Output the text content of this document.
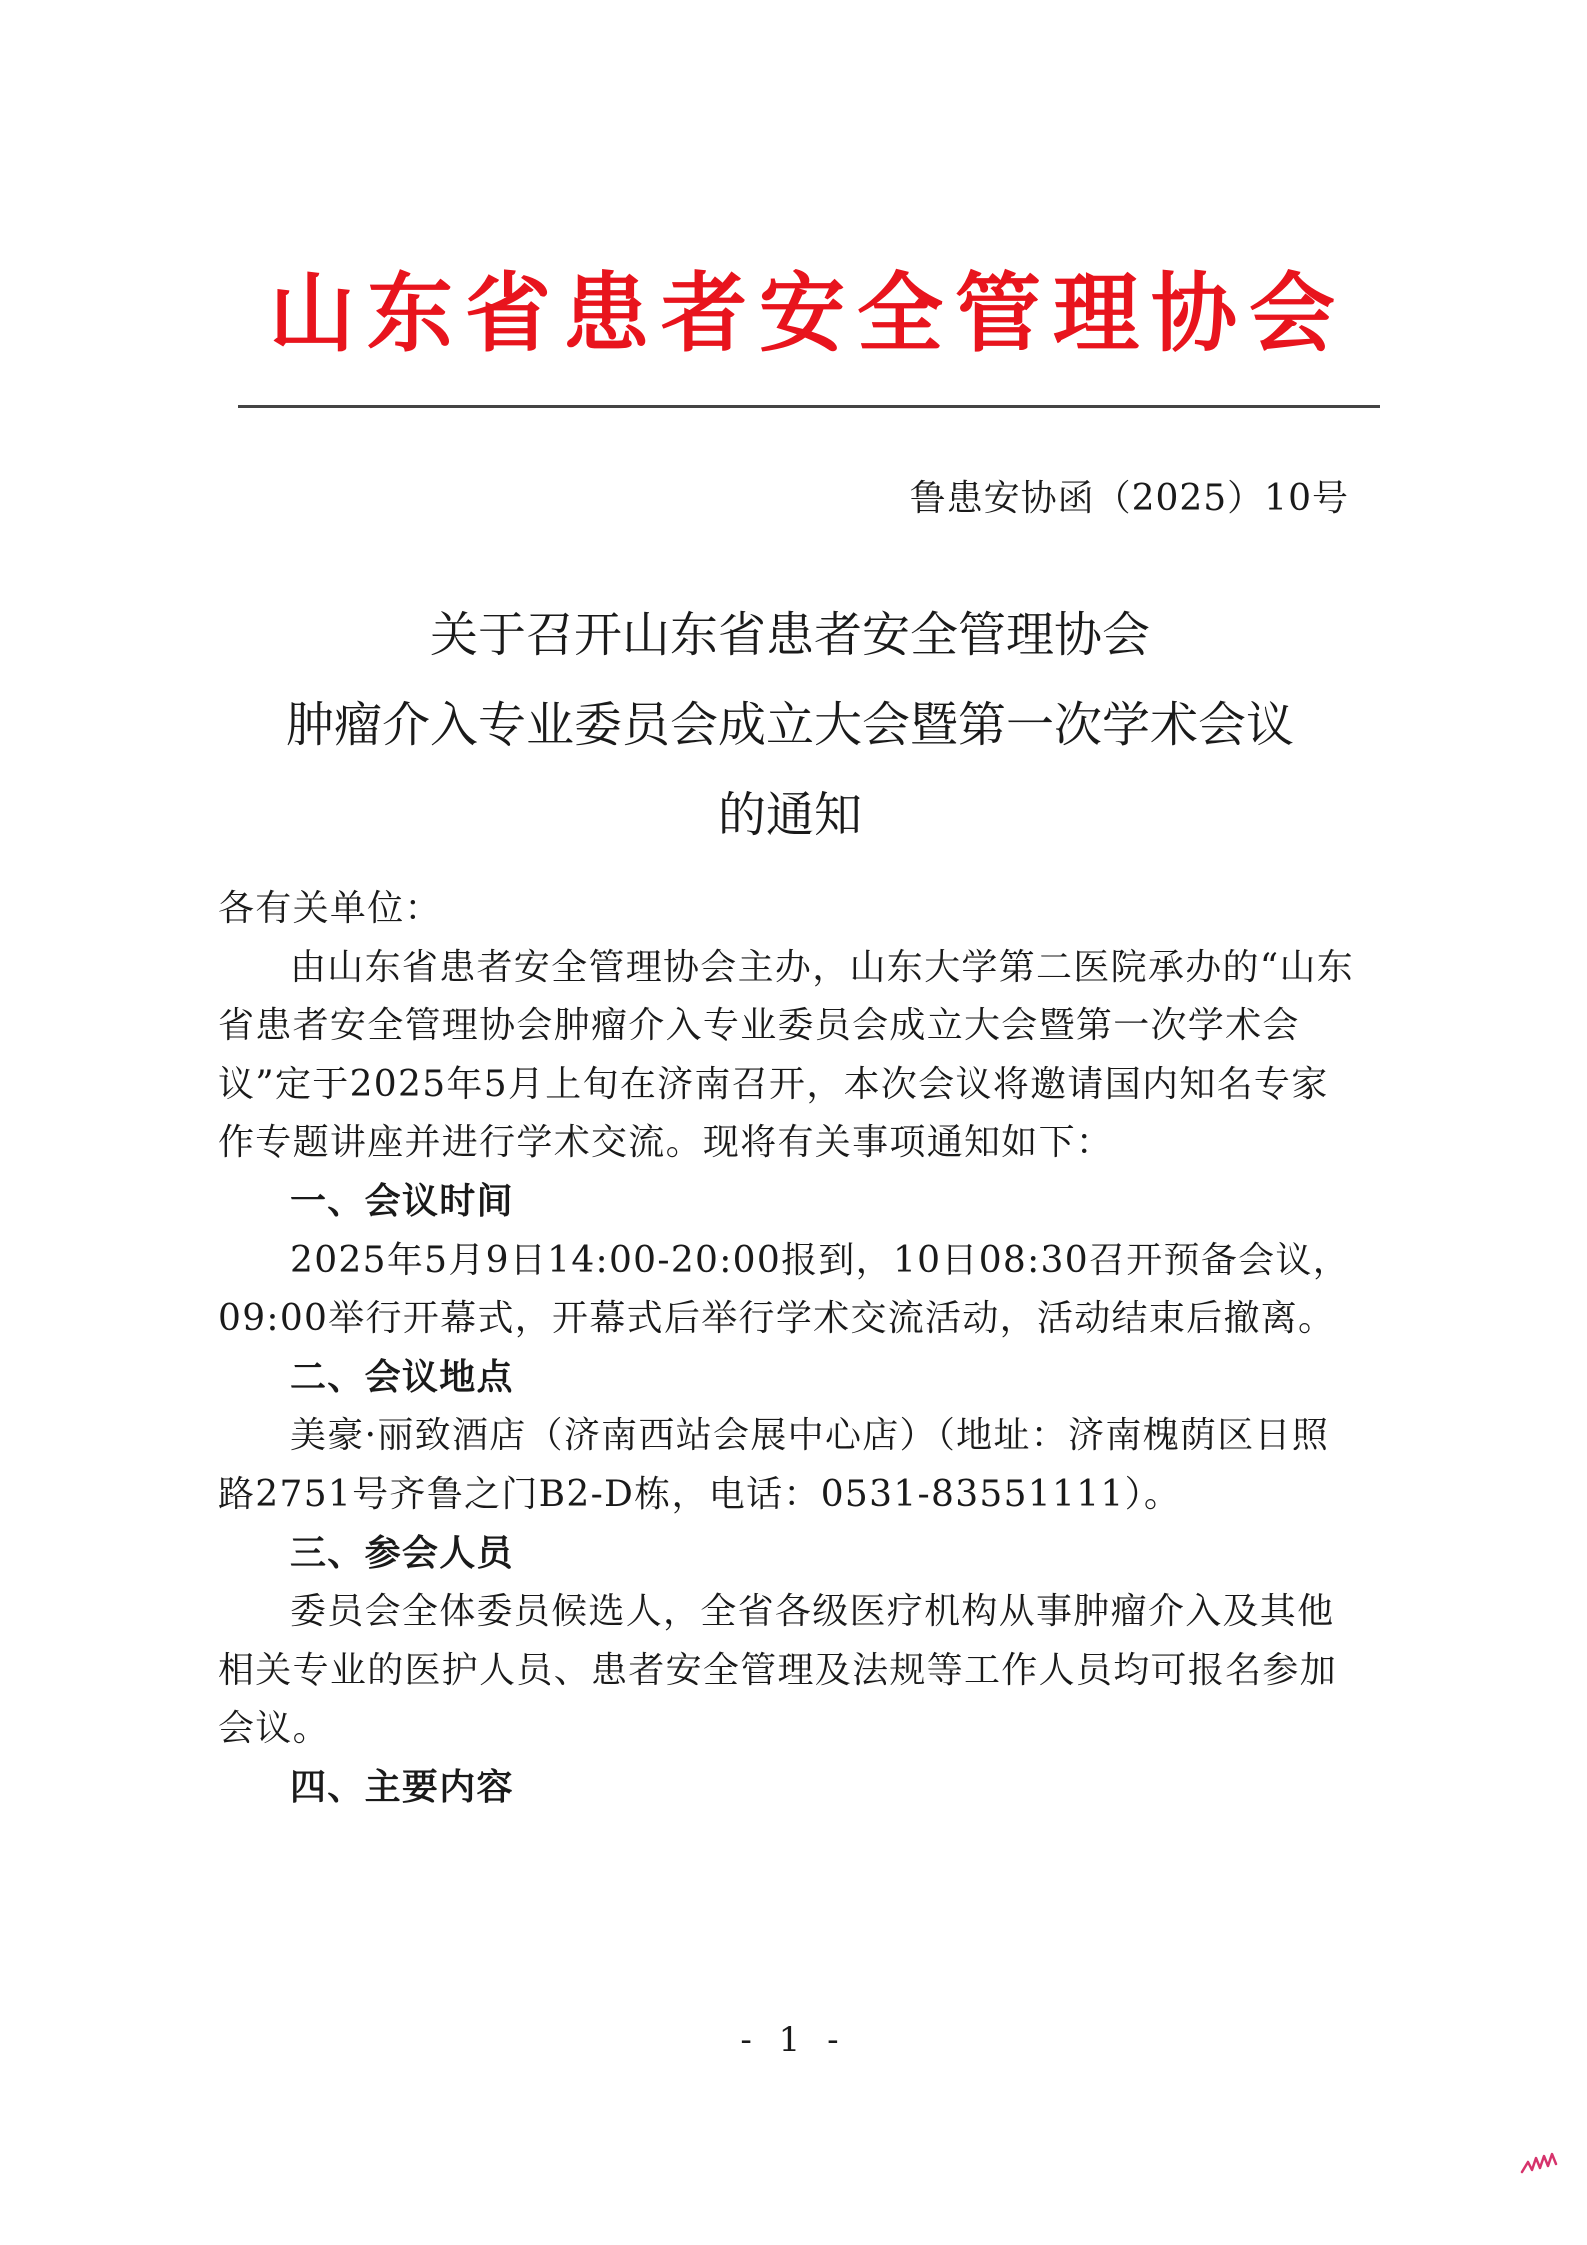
山东省患者安全管理协会
鲁患安协函（2025）10号
关于召开山东省患者安全管理协会
肿瘤介入专业委员会成立大会暨第一次学术会议
的通知

各有关单位：

由山东省患者安全管理协会主办，山东大学第二医院承办的“山东省患者安全管理协会肿瘤介入专业委员会成立大会暨第一次学术会议”定于2025年5月上旬在济南召开，本次会议将邀请国内知名专家作专题讲座并进行学术交流。现将有关事项通知如下：

一、会议时间

2025年5月9日14:00-20:00报到，10日08:30召开预备会议，09:00举行开幕式，开幕式后举行学术交流活动，活动结束后撤离。

二、会议地点

美豪·丽致酒店（济南西站会展中心店）（地址：济南槐荫区日照路2751号齐鲁之门B2-D栋，电话：0531-83551111）。

三、参会人员

委员会全体委员候选人，全省各级医疗机构从事肿瘤介入及其他相关专业的医护人员、患者安全管理及法规等工作人员均可报名参加会议。

四、主要内容

- 1 -
